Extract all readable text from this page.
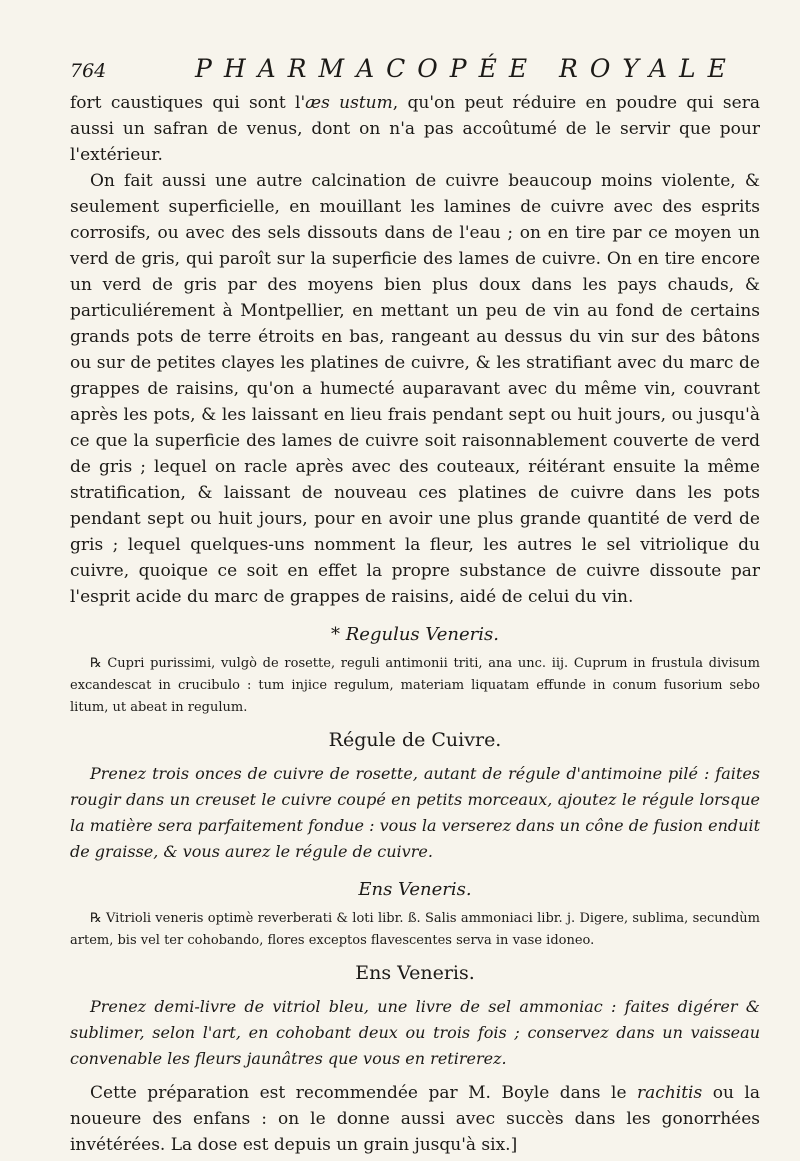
764	PHARMACOPÉE ROYALE

fort caustiques qui sont l'æs ustum, qu'on peut réduire en poudre qui sera aussi un safran de venus, dont on n'a pas accoûtumé de le servir que pour l'extérieur.

On fait aussi une autre calcination de cuivre beaucoup moins violente, & seulement superficielle, en mouillant les lamines de cuivre avec des esprits corrosifs, ou avec des sels dissouts dans de l'eau ; on en tire par ce moyen un verd de gris, qui paroît sur la superficie des lames de cuivre. On en tire encore un verd de gris par des moyens bien plus doux dans les pays chauds, & particuliérement à Montpellier, en mettant un peu de vin au fond de certains grands pots de terre étroits en bas, rangeant au dessus du vin sur des bâtons ou sur de petites clayes les platines de cuivre, & les stratifiant avec du marc de grappes de raisins, qu'on a humecté auparavant avec du même vin, couvrant après les pots, & les laissant en lieu frais pendant sept ou huit jours, ou jusqu'à ce que la superficie des lames de cuivre soit raisonnablement couverte de verd de gris ; lequel on racle après avec des couteaux, réitérant ensuite la même stratification, & laissant de nouveau ces platines de cuivre dans les pots pendant sept ou huit jours, pour en avoir une plus grande quantité de verd de gris ; lequel quelques-uns nomment la fleur, les autres le sel vitriolique du cuivre, quoique ce soit en effet la propre substance de cuivre dissoute par l'esprit acide du marc de grappes de raisins, aidé de celui du vin.

* Regulus Veneris.

℞ Cupri purissimi, vulgò de rosette, reguli antimonii triti, ana unc. iij. Cuprum in frustula divisum excandescat in crucibulo : tum injice regulum, materiam liquatam effunde in conum fusorium sebo litum, ut abeat in regulum.

Régule de Cuivre.

Prenez trois onces de cuivre de rosette, autant de régule d'antimoine pilé : faites rougir dans un creuset le cuivre coupé en petits morceaux, ajoutez le régule lorsque la matière sera parfaitement fondue : vous la verserez dans un cône de fusion enduit de graisse, & vous aurez le régule de cuivre.

Ens Veneris.

℞ Vitrioli veneris optimè reverberati & loti libr. ß. Salis ammoniaci libr. j. Digere, sublima, secundùm artem, bis vel ter cohobando, flores exceptos flavescentes serva in vase idoneo.

Ens Veneris.

Prenez demi-livre de vitriol bleu, une livre de sel ammoniac : faites digérer & sublimer, selon l'art, en cohobant deux ou trois fois ; conservez dans un vaisseau convenable les fleurs jaunâtres que vous en retirerez.

Cette préparation est recommendée par M. Boyle dans le rachitis ou la noueure des enfans : on le donne aussi avec succès dans les gonorrhées invétérées. La dose est depuis un grain jusqu'à six.]
